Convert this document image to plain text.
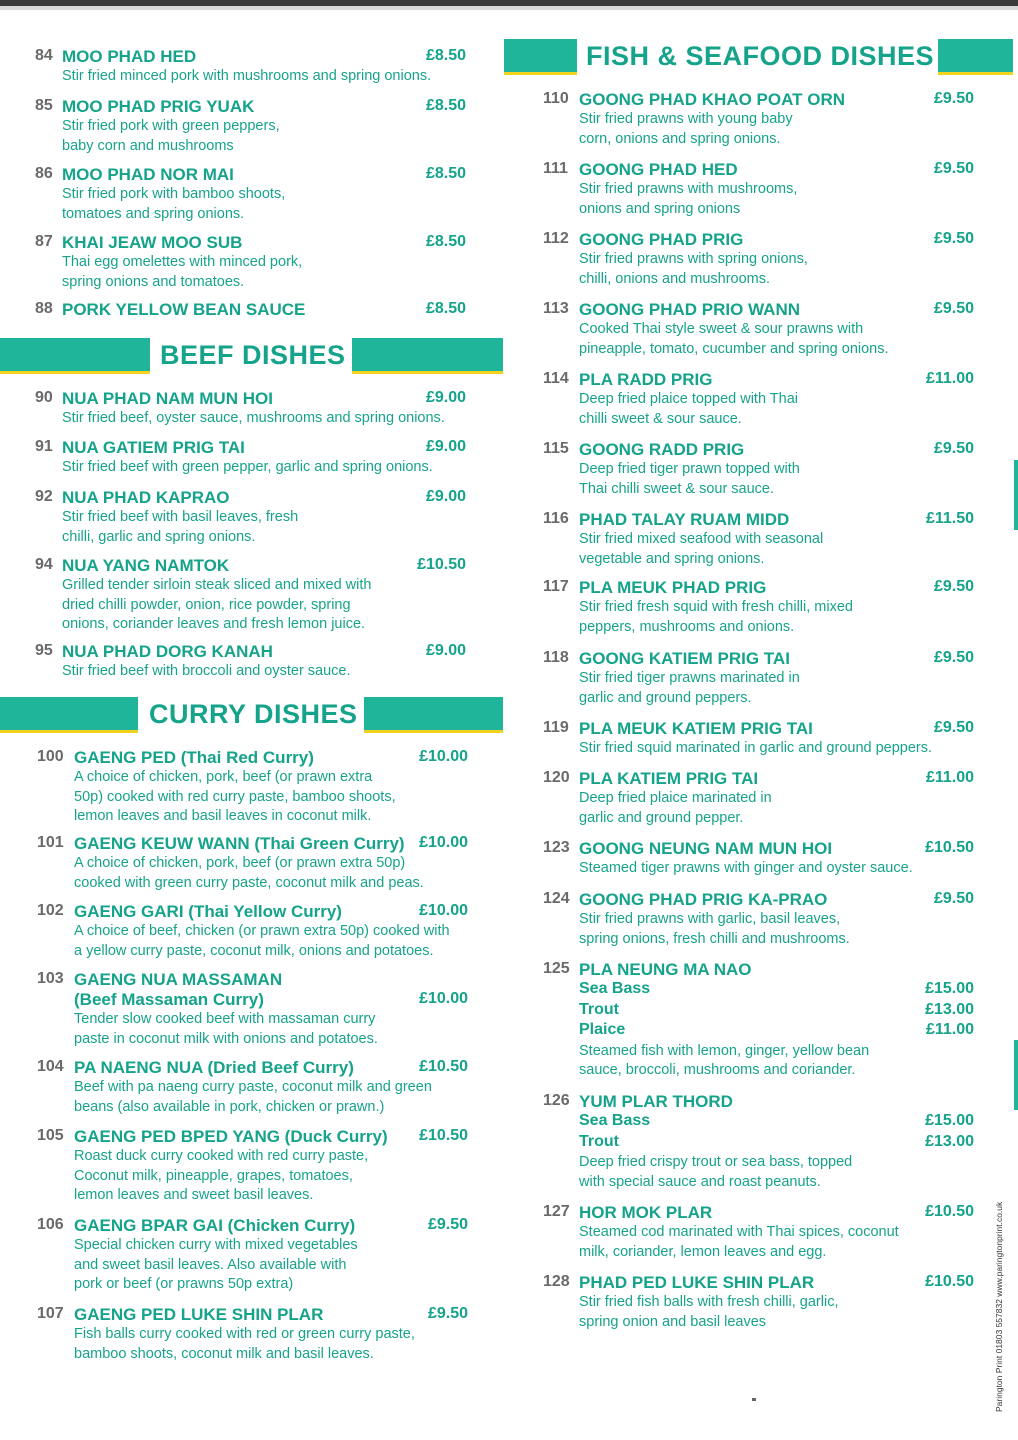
84 MOO PHAD HED	£8.50
Stir fried minced pork with mushrooms and spring onions.
85 MOO PHAD PRIG YUAK	£8.50
Stir fried pork with green peppers,
baby corn and mushrooms
86 MOO PHAD NOR MAI	£8.50
Stir fried pork with bamboo shoots,
tomatoes and spring onions.
87 KHAI JEAW MOO SUB	£8.50
Thai egg omelettes with minced pork,
spring onions and tomatoes.
88 PORK YELLOW BEAN SAUCE	£8.50
BEEF DISHES
90 NUA PHAD NAM MUN HOI	£9.00
Stir fried beef, oyster sauce, mushrooms and spring onions.
91 NUA GATIEM PRIG TAI	£9.00
Stir fried beef with green pepper, garlic and spring onions.
92 NUA PHAD KAPRAO	£9.00
Stir fried beef with basil leaves, fresh
chilli, garlic and spring onions.
94 NUA YANG NAMTOK	£10.50
Grilled tender sirloin steak sliced and mixed with
dried chilli powder, onion, rice powder, spring
onions, coriander leaves and fresh lemon juice.
95 NUA PHAD DORG KANAH	£9.00
Stir fried beef with broccoli and oyster sauce.
CURRY DISHES
100 GAENG PED (Thai Red Curry)	£10.00
A choice of chicken, pork, beef (or prawn extra
50p) cooked with red curry paste, bamboo shoots,
lemon leaves and basil leaves in coconut milk.
101 GAENG KEUW WANN (Thai Green Curry) £10.00
A choice of chicken, pork, beef (or prawn extra 50p)
cooked with green curry paste, coconut milk and peas.
102 GAENG GARI (Thai Yellow Curry)	£10.00
A choice of beef, chicken (or prawn extra 50p) cooked with
a yellow curry paste, coconut milk, onions and potatoes.
103 GAENG NUA MASSAMAN
(Beef Massaman Curry)	£10.00
Tender slow cooked beef with massaman curry
paste in coconut milk with onions and potatoes.
104 PA NAENG NUA (Dried Beef Curry)	£10.50
Beef with pa naeng curry paste, coconut milk and green
beans (also available in pork, chicken or prawn.)
105 GAENG PED BPED YANG (Duck Curry) £10.50
Roast duck curry cooked with red curry paste,
Coconut milk, pineapple, grapes, tomatoes,
lemon leaves and sweet basil leaves.
106 GAENG BPAR GAI (Chicken Curry)	£9.50
Special chicken curry with mixed vegetables
and sweet basil leaves. Also available with
pork or beef (or prawns 50p extra)
107 GAENG PED LUKE SHIN PLAR	£9.50
Fish balls curry cooked with red or green curry paste,
bamboo shoots, coconut milk and basil leaves.
FISH & SEAFOOD DISHES
110 GOONG PHAD KHAO POAT ORN	£9.50
Stir fried prawns with young baby
corn, onions and spring onions.
111 GOONG PHAD HED	£9.50
Stir fried prawns with mushrooms,
onions and spring onions
112 GOONG PHAD PRIG	£9.50
Stir fried prawns with spring onions,
chilli, onions and mushrooms.
113 GOONG PHAD PRIO WANN	£9.50
Cooked Thai style sweet & sour prawns with
pineapple, tomato, cucumber and spring onions.
114 PLA RADD PRIG	£11.00
Deep fried plaice topped with Thai
chilli sweet & sour sauce.
115 GOONG RADD PRIG	£9.50
Deep fried tiger prawn topped with
Thai chilli sweet & sour sauce.
116 PHAD TALAY RUAM MIDD	£11.50
Stir fried mixed seafood with seasonal
vegetable and spring onions.
117 PLA MEUK PHAD PRIG	£9.50
Stir fried fresh squid with fresh chilli, mixed
peppers, mushrooms and onions.
118 GOONG KATIEM PRIG TAI	£9.50
Stir fried tiger prawns marinated in
garlic and ground peppers.
119 PLA MEUK KATIEM PRIG TAI	£9.50
Stir fried squid marinated in garlic and ground peppers.
120 PLA KATIEM PRIG TAI	£11.00
Deep fried plaice marinated in
garlic and ground pepper.
123 GOONG NEUNG NAM MUN HOI	£10.50
Steamed tiger prawns with ginger and oyster sauce.
124 GOONG PHAD PRIG KA-PRAO	£9.50
Stir fried prawns with garlic, basil leaves,
spring onions, fresh chilli and mushrooms.
125 PLA NEUNG MA NAO
Sea Bass	£15.00
Trout	£13.00
Plaice	£11.00
Steamed fish with lemon, ginger, yellow bean
sauce, broccoli, mushrooms and coriander.
126 YUM PLAR THORD
Sea Bass	£15.00
Trout	£13.00
Deep fried crispy trout or sea bass, topped
with special sauce and roast peanuts.
127 HOR MOK PLAR	£10.50
Steamed cod marinated with Thai spices, coconut
milk, coriander, lemon leaves and egg.
128 PHAD PED LUKE SHIN PLAR	£10.50
Stir fried fish balls with fresh chilli, garlic,
spring onion and basil leaves	Parington Print 01803 557832 www.paringtonprint.co.uk
